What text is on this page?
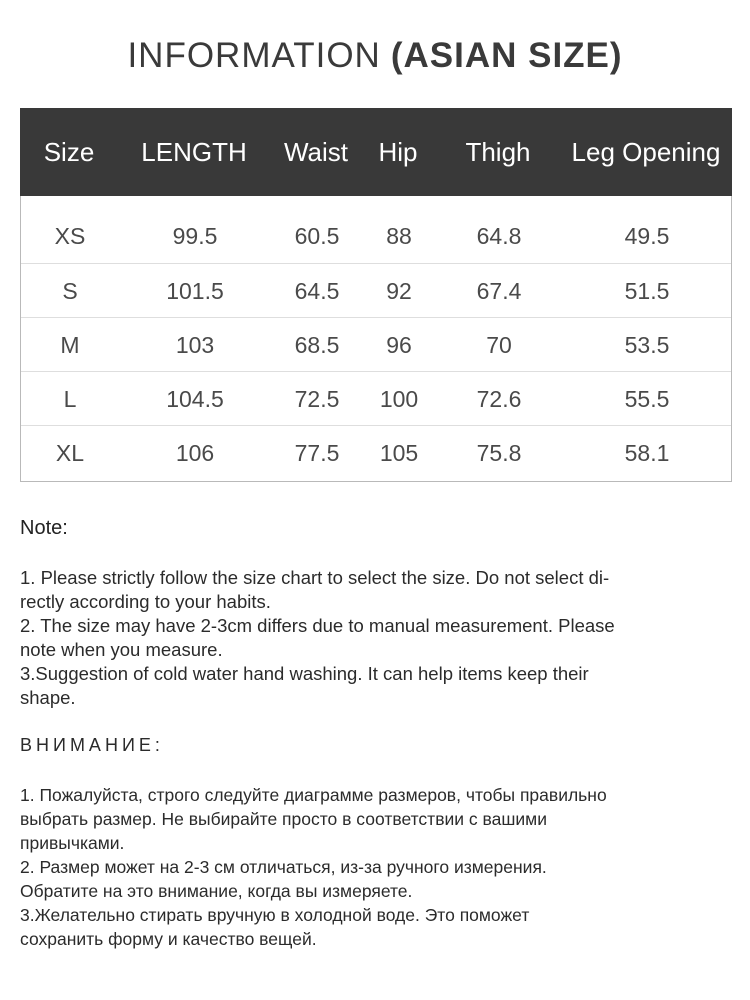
INFORMATION (ASIAN SIZE)
Size	LENGTH	Waist	Hip	Thigh	Leg Opening
XS	99.5	60.5	88	64.8	49.5
S	101.5	64.5	92	67.4	51.5
M	103	68.5	96	70	53.5
L	104.5	72.5	100	72.6	55.5
XL	106	77.5	105	75.8	58.1

Note:

1. Please strictly follow the size chart to select the size. Do not select di-

rectly according to your habits.

2. The size may have 2-3cm differs due to manual measurement. Please

note when you measure.

3.Suggestion of cold water hand washing. It can help items keep their

shape.

ВНИМАНИЕ:

1. Пожалуйста, строго следуйте диаграмме размеров, чтобы правильно

выбрать размер. Не выбирайте просто в соответствии с вашими

привычками.

2. Размер может на 2-3 см отличаться, из-за ручного измерения.

Обратите на это внимание, когда вы измеряете.

3.Желательно стирать вручную в холодной воде. Это поможет

сохранить форму и качество вещей.
